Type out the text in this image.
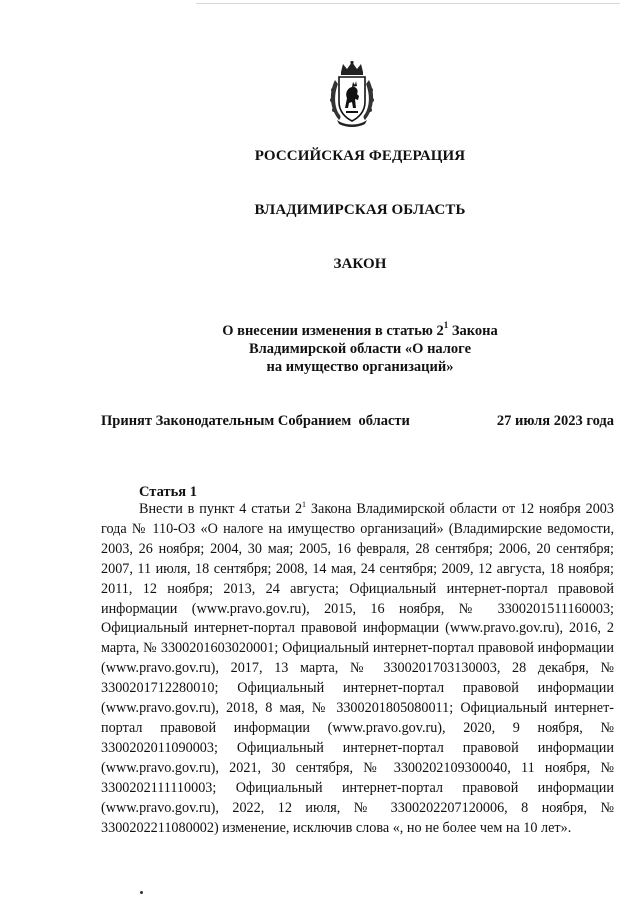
РОССИЙСКАЯ ФЕДЕРАЦИЯ
ВЛАДИМИРСКАЯ ОБЛАСТЬ
ЗАКОН
О внесении изменения в статью $2^1$ Закона
Владимирской области «О налоге
на имущество организаций»
Принят Законодательным Собранием  области	27 июля 2023 года
Статья 1

Внести в пункт 4 статьи $2^1$ Закона Владимирской области от 12 ноября 2003 года № 110-ОЗ «О налоге на имущество организаций» (Владимирские ведомости, 2003, 26 ноября; 2004, 30 мая; 2005, 16 февраля, 28 сентября; 2006, 20 сентября; 2007, 11 июля, 18 сентября; 2008, 14 мая, 24 сентября; 2009, 12 августа, 18 ноября; 2011, 12 ноября; 2013, 24 августа; Официальный интернет-портал правовой информации (www.pravo.gov.ru), 2015, 16 ноября, № 3300201511160003; Официальный интернет-портал правовой информации (www.pravo.gov.ru), 2016, 2 марта, № 3300201603020001; Официальный интернет-портал правовой информации (www.pravo.gov.ru), 2017, 13 марта, № 3300201703130003, 28 декабря, № 3300201712280010; Официальный интернет-портал правовой информации (www.pravo.gov.ru), 2018, 8 мая, № 3300201805080011; Официальный интернет-портал правовой информации (www.pravo.gov.ru), 2020, 9 ноября, № 3300202011090003; Официальный интернет-портал правовой информации (www.pravo.gov.ru), 2021, 30 сентября, № 3300202109300040, 11 ноября, № 3300202111110003; Официальный интернет-портал правовой информации (www.pravo.gov.ru), 2022, 12 июля, № 3300202207120006, 8 ноября, № 3300202211080002) изменение, исключив слова «, но не более чем на 10 лет».
